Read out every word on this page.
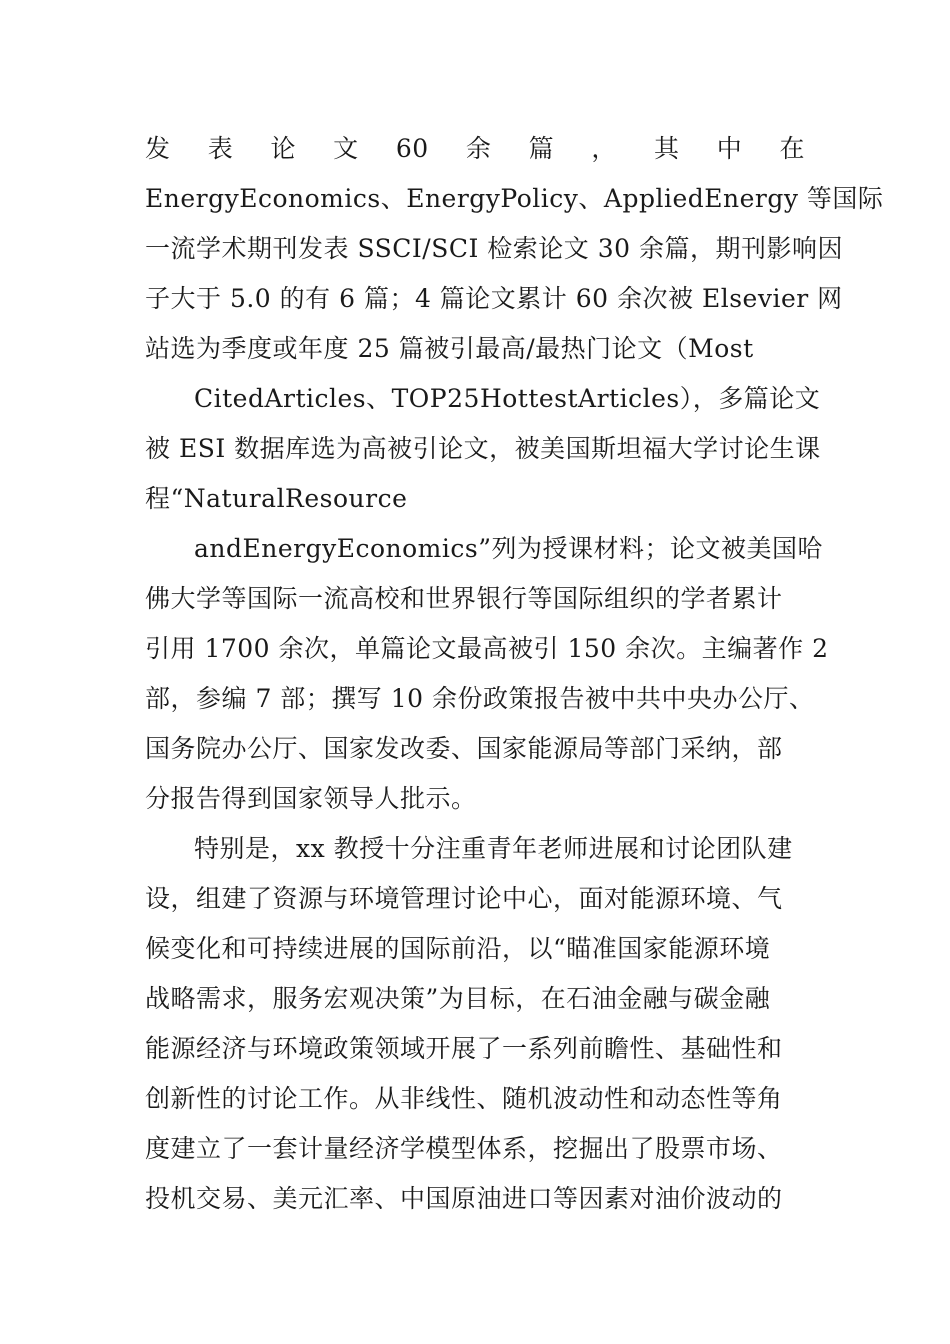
发 表 论 文 60 余 篇 ， 其 中 在
EnergyEconomics、EnergyPolicy、AppliedEnergy 等国际
一流学术期刊发表 SSCI/SCI 检索论文 30 余篇，期刊影响因
子大于 5.0 的有 6 篇；4 篇论文累计 60 余次被 Elsevier 网
站选为季度或年度 25 篇被引最高/最热门论文（Most
CitedArticles、TOP25HottestArticles），多篇论文
被 ESI 数据库选为高被引论文，被美国斯坦福大学讨论生课
程“NaturalResource
andEnergyEconomics”列为授课材料；论文被美国哈
佛大学等国际一流高校和世界银行等国际组织的学者累计
引用 1700 余次，单篇论文最高被引 150 余次。主编著作 2
部，参编 7 部；撰写 10 余份政策报告被中共中央办公厅、
国务院办公厅、国家发改委、国家能源局等部门采纳，部
分报告得到国家领导人批示。
特别是，xx 教授十分注重青年老师进展和讨论团队建
设，组建了资源与环境管理讨论中心，面对能源环境、气
候变化和可持续进展的国际前沿，以“瞄准国家能源环境
战略需求，服务宏观决策”为目标，在石油金融与碳金融
能源经济与环境政策领域开展了一系列前瞻性、基础性和
创新性的讨论工作。从非线性、随机波动性和动态性等角
度建立了一套计量经济学模型体系，挖掘出了股票市场、
投机交易、美元汇率、中国原油进口等因素对油价波动的
